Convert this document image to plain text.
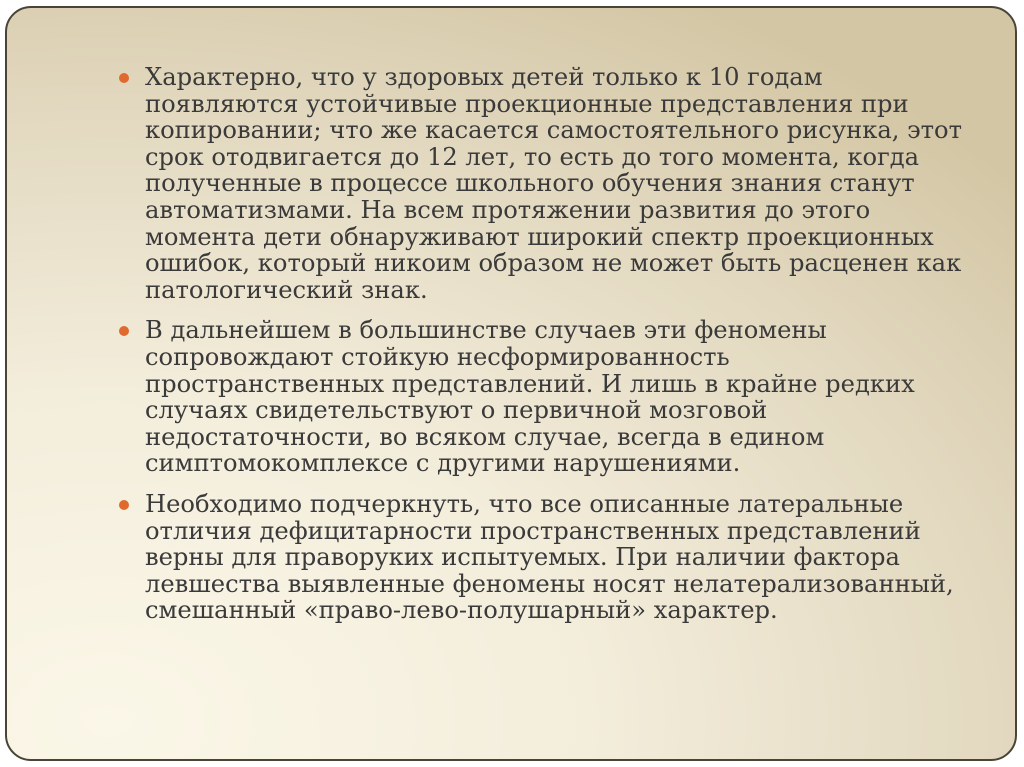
Характерно, что у здоровых детей только к 10 годам появляются устойчивые проекционные представления при копировании; что же касается самостоятельного рисунка, этот срок отодвигается до 12 лет, то есть до того момента, когда полученные в процессе школьного обучения знания станут автоматизмами. На всем протяжении развития до этого момента дети обнаруживают широкий спектр проекционных ошибок, который никоим образом не может быть расценен как патологический знак.
В дальнейшем в большинстве случаев эти феномены сопровождают стойкую несформированность пространственных представлений. И лишь в крайне редких случаях свидетельствуют о первичной мозговой недостаточности, во всяком случае, всегда в едином симптомокомплексе с другими нарушениями.
Необходимо подчеркнуть, что все описанные латеральные отличия дефицитарности пространственных представлений верны для праворуких испытуемых. При наличии фактора левшества выявленные феномены носят нелатерализованный, смешанный «право-лево-полушарный» характер.
